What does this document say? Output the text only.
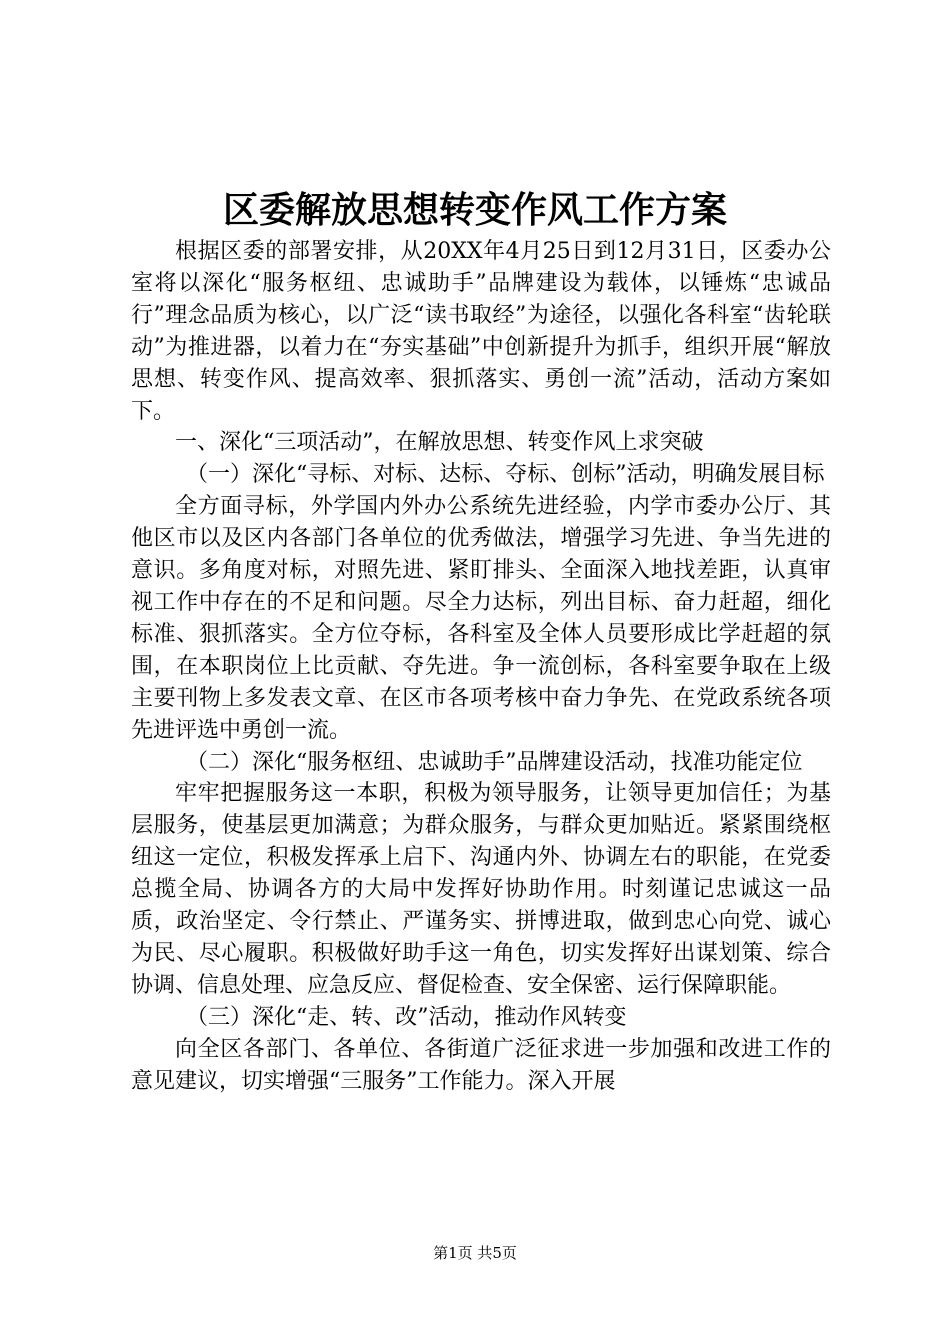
区委解放思想转变作风工作方案

根据区委的部署安排，从20XX年4月25日到12月31日，区委办公室将以深化“服务枢纽、忠诚助手”品牌建设为载体，以锤炼“忠诚品行”理念品质为核心，以广泛“读书取经”为途径，以强化各科室“齿轮联动”为推进器，以着力在“夯实基础”中创新提升为抓手，组织开展“解放思想、转变作风、提高效率、狠抓落实、勇创一流”活动，活动方案如下。

一、深化“三项活动”，在解放思想、转变作风上求突破

（一）深化“寻标、对标、达标、夺标、创标”活动，明确发展目标

全方面寻标，外学国内外办公系统先进经验，内学市委办公厅、其他区市以及区内各部门各单位的优秀做法，增强学习先进、争当先进的意识。多角度对标，对照先进、紧盯排头、全面深入地找差距，认真审视工作中存在的不足和问题。尽全力达标，列出目标、奋力赶超，细化标准、狠抓落实。全方位夺标，各科室及全体人员要形成比学赶超的氛围，在本职岗位上比贡献、夺先进。争一流创标，各科室要争取在上级主要刊物上多发表文章、在区市各项考核中奋力争先、在党政系统各项先进评选中勇创一流。

（二）深化“服务枢纽、忠诚助手”品牌建设活动，找准功能定位

牢牢把握服务这一本职，积极为领导服务，让领导更加信任；为基层服务，使基层更加满意；为群众服务，与群众更加贴近。紧紧围绕枢纽这一定位，积极发挥承上启下、沟通内外、协调左右的职能，在党委总揽全局、协调各方的大局中发挥好协助作用。时刻谨记忠诚这一品质，政治坚定、令行禁止、严谨务实、拼博进取，做到忠心向党、诚心为民、尽心履职。积极做好助手这一角色，切实发挥好出谋划策、综合协调、信息处理、应急反应、督促检查、安全保密、运行保障职能。

（三）深化“走、转、改”活动，推动作风转变

向全区各部门、各单位、各街道广泛征求进一步加强和改进工作的意见建议，切实增强“三服务”工作能力。深入开展

第1页 共5页
